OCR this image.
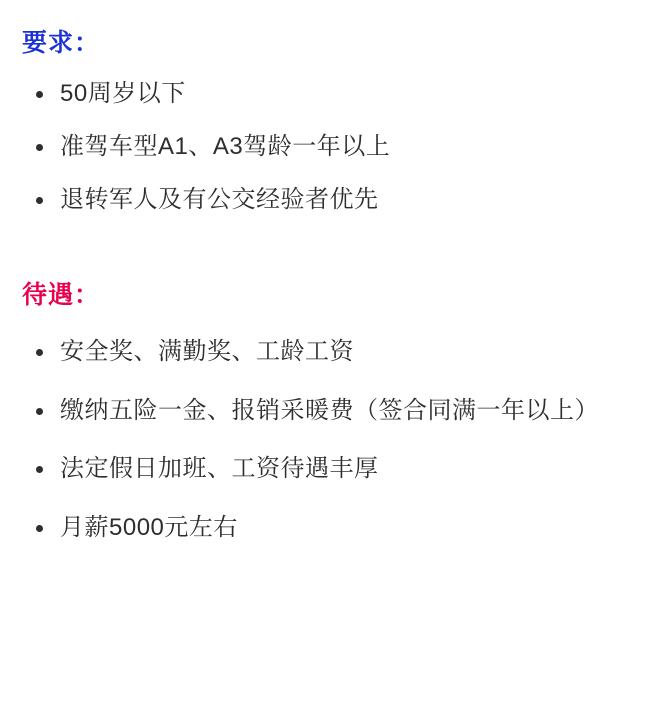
要求：
50周岁以下
准驾车型A1、A3驾龄一年以上
退转军人及有公交经验者优先
待遇：
安全奖、满勤奖、工龄工资
缴纳五险一金、报销采暖费（签合同满一年以上）
法定假日加班、工资待遇丰厚
月薪5000元左右
